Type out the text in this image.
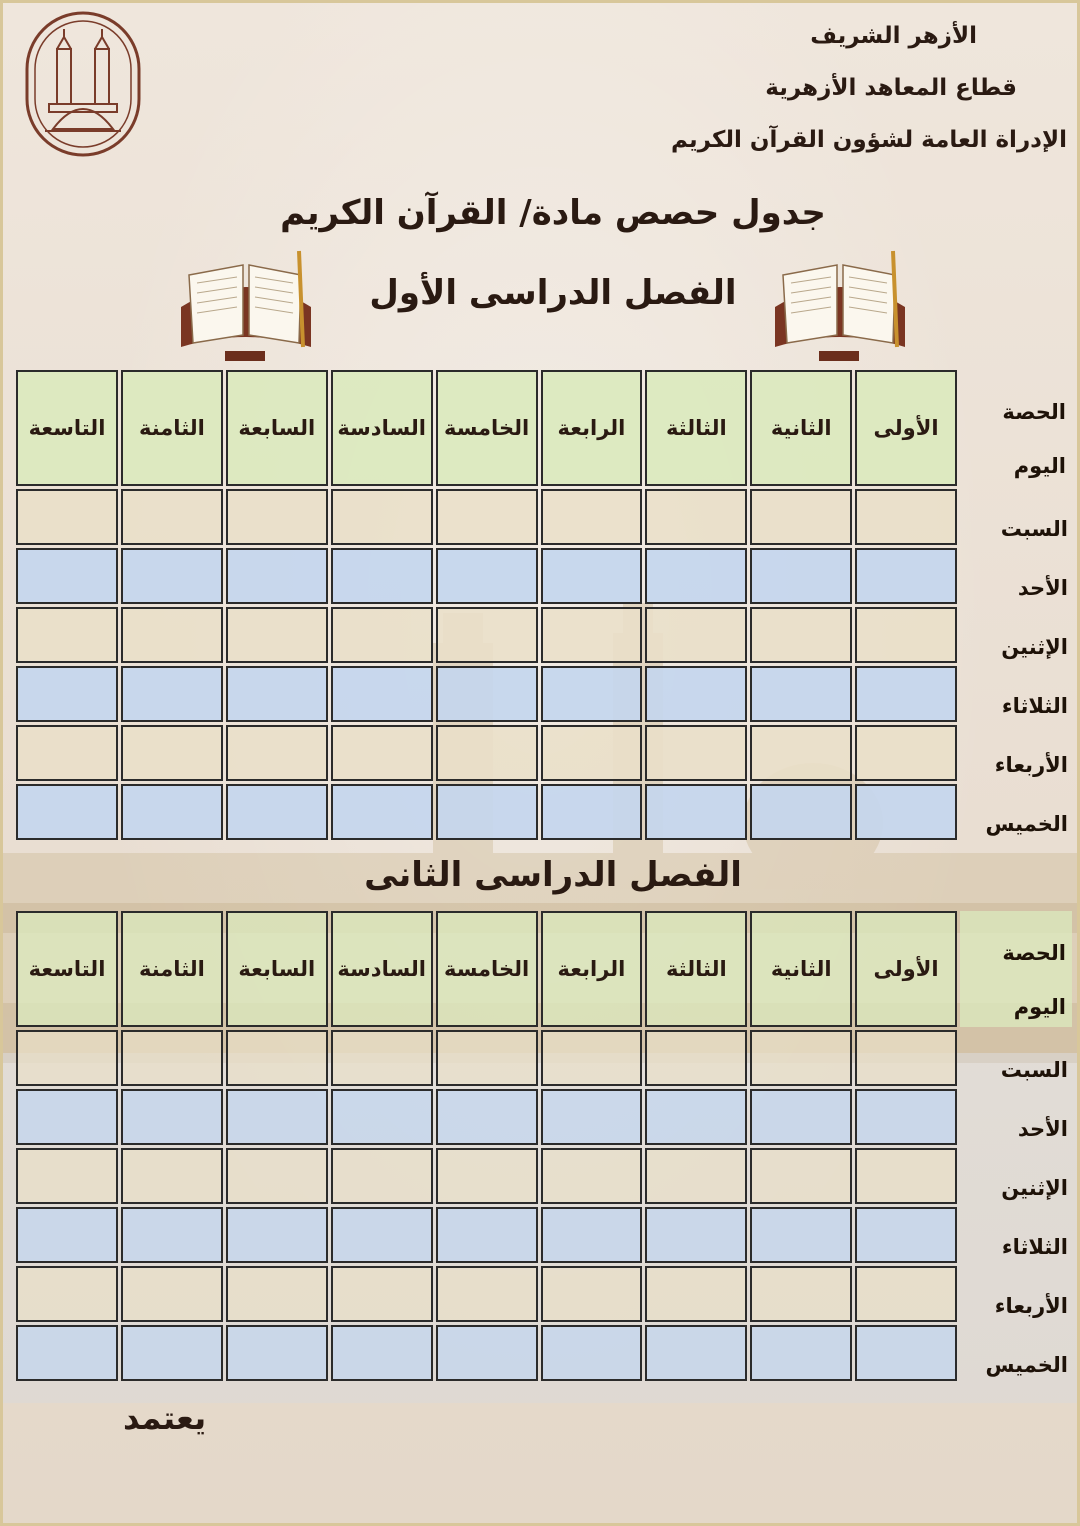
الأزهر الشريف
قطاع المعاهد الأزهرية
الإدراة العامة لشؤون القرآن الكريم
جدول حصص مادة/ القرآن الكريم
الفصل الدراسى الأول
الفصل الدراسى الثانى
الحصة
اليوم	الأولى	الثانية	الثالثة	الرابعة	الخامسة	السادسة	السابعة	الثامنة	التاسعة
السبت									
الأحد									
الإثنين									
الثلاثاء									
الأربعاء									
الخميس									
الحصة
اليوم	الأولى	الثانية	الثالثة	الرابعة	الخامسة	السادسة	السابعة	الثامنة	التاسعة
السبت									
الأحد									
الإثنين									
الثلاثاء									
الأربعاء									
الخميس									
يعتمد
